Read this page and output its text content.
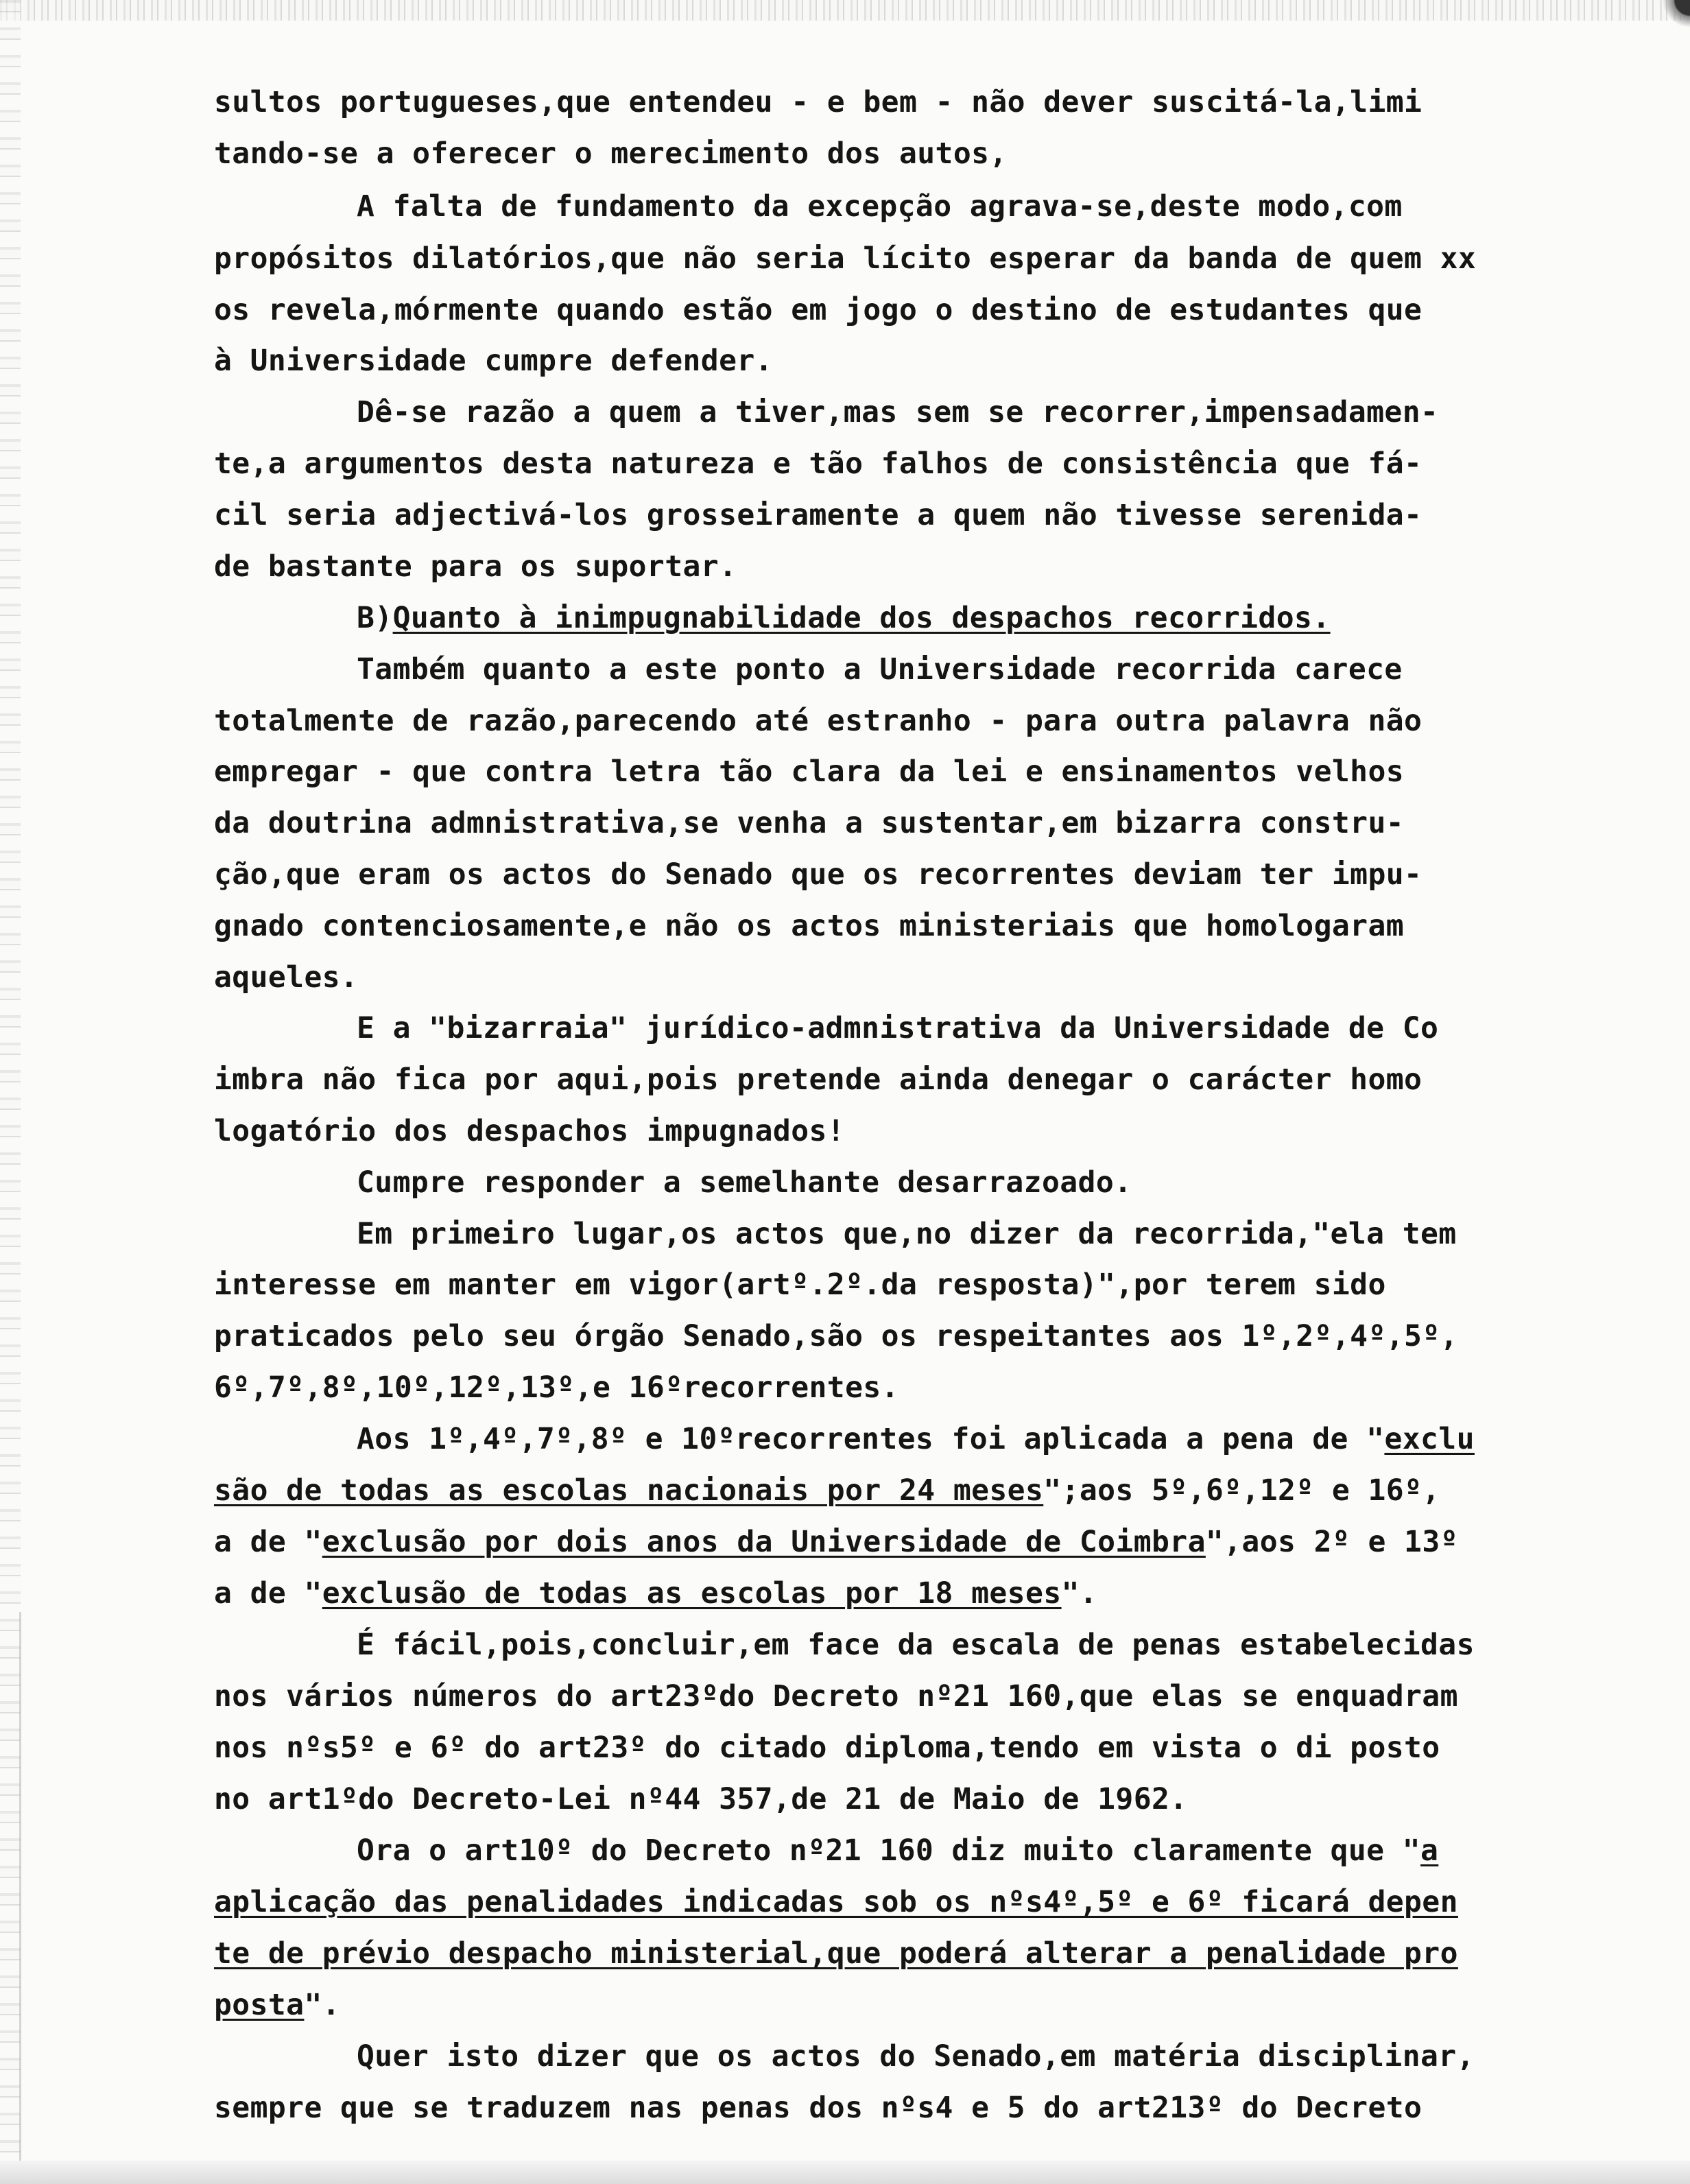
sultos portugueses,que entendeu - e bem - não dever suscitá-la,limi
tando-se a oferecer o merecimento dos autos,
A falta de fundamento da excepção agrava-se,deste modo,com
propósitos dilatórios,que não seria lícito esperar da banda de quem xx
os revela,mórmente quando estão em jogo o destino de estudantes que
à Universidade cumpre defender.
Dê-se razão a quem a tiver,mas sem se recorrer,impensadamen-
te,a argumentos desta natureza e tão falhos de consistência que fá-
cil seria adjectivá-los grosseiramente a quem não tivesse serenida-
de bastante para os suportar.
B)Quanto à inimpugnabilidade dos despachos recorridos.
Também quanto a este ponto a Universidade recorrida carece
totalmente de razão,parecendo até estranho - para outra palavra não
empregar - que contra letra tão clara da lei e ensinamentos velhos
da doutrina admnistrativa,se venha a sustentar,em bizarra constru-
ção,que eram os actos do Senado que os recorrentes deviam ter impu-
gnado contenciosamente,e não os actos ministeriais que homologaram
aqueles.
E a "bizarraia" jurídico-admnistrativa da Universidade de Co
imbra não fica por aqui,pois pretende ainda denegar o carácter homo
logatório dos despachos impugnados!
Cumpre responder a semelhante desarrazoado.
Em primeiro lugar,os actos que,no dizer da recorrida,"ela tem
interesse em manter em vigor(artº.2º.da resposta)",por terem sido
praticados pelo seu órgão Senado,são os respeitantes aos 1º,2º,4º,5º,
6º,7º,8º,10º,12º,13º,e 16ºrecorrentes.
Aos 1º,4º,7º,8º e 10ºrecorrentes foi aplicada a pena de "exclu
são de todas as escolas nacionais por 24 meses";aos 5º,6º,12º e 16º,
a de "exclusão por dois anos da Universidade de Coimbra",aos 2º e 13º
a de "exclusão de todas as escolas por 18 meses".
É fácil,pois,concluir,em face da escala de penas estabelecidas
nos vários números do art23ºdo Decreto nº21 160,que elas se enquadram
nos nºs5º e 6º do art23º do citado diploma,tendo em vista o di posto
no art1ºdo Decreto-Lei nº44 357,de 21 de Maio de 1962.
Ora o art10º do Decreto nº21 160 diz muito claramente que "a
aplicação das penalidades indicadas sob os nºs4º,5º e 6º ficará depen
te de prévio despacho ministerial,que poderá alterar a penalidade pro
posta".
Quer isto dizer que os actos do Senado,em matéria disciplinar,
sempre que se traduzem nas penas dos nºs4 e 5 do art213º do Decreto
